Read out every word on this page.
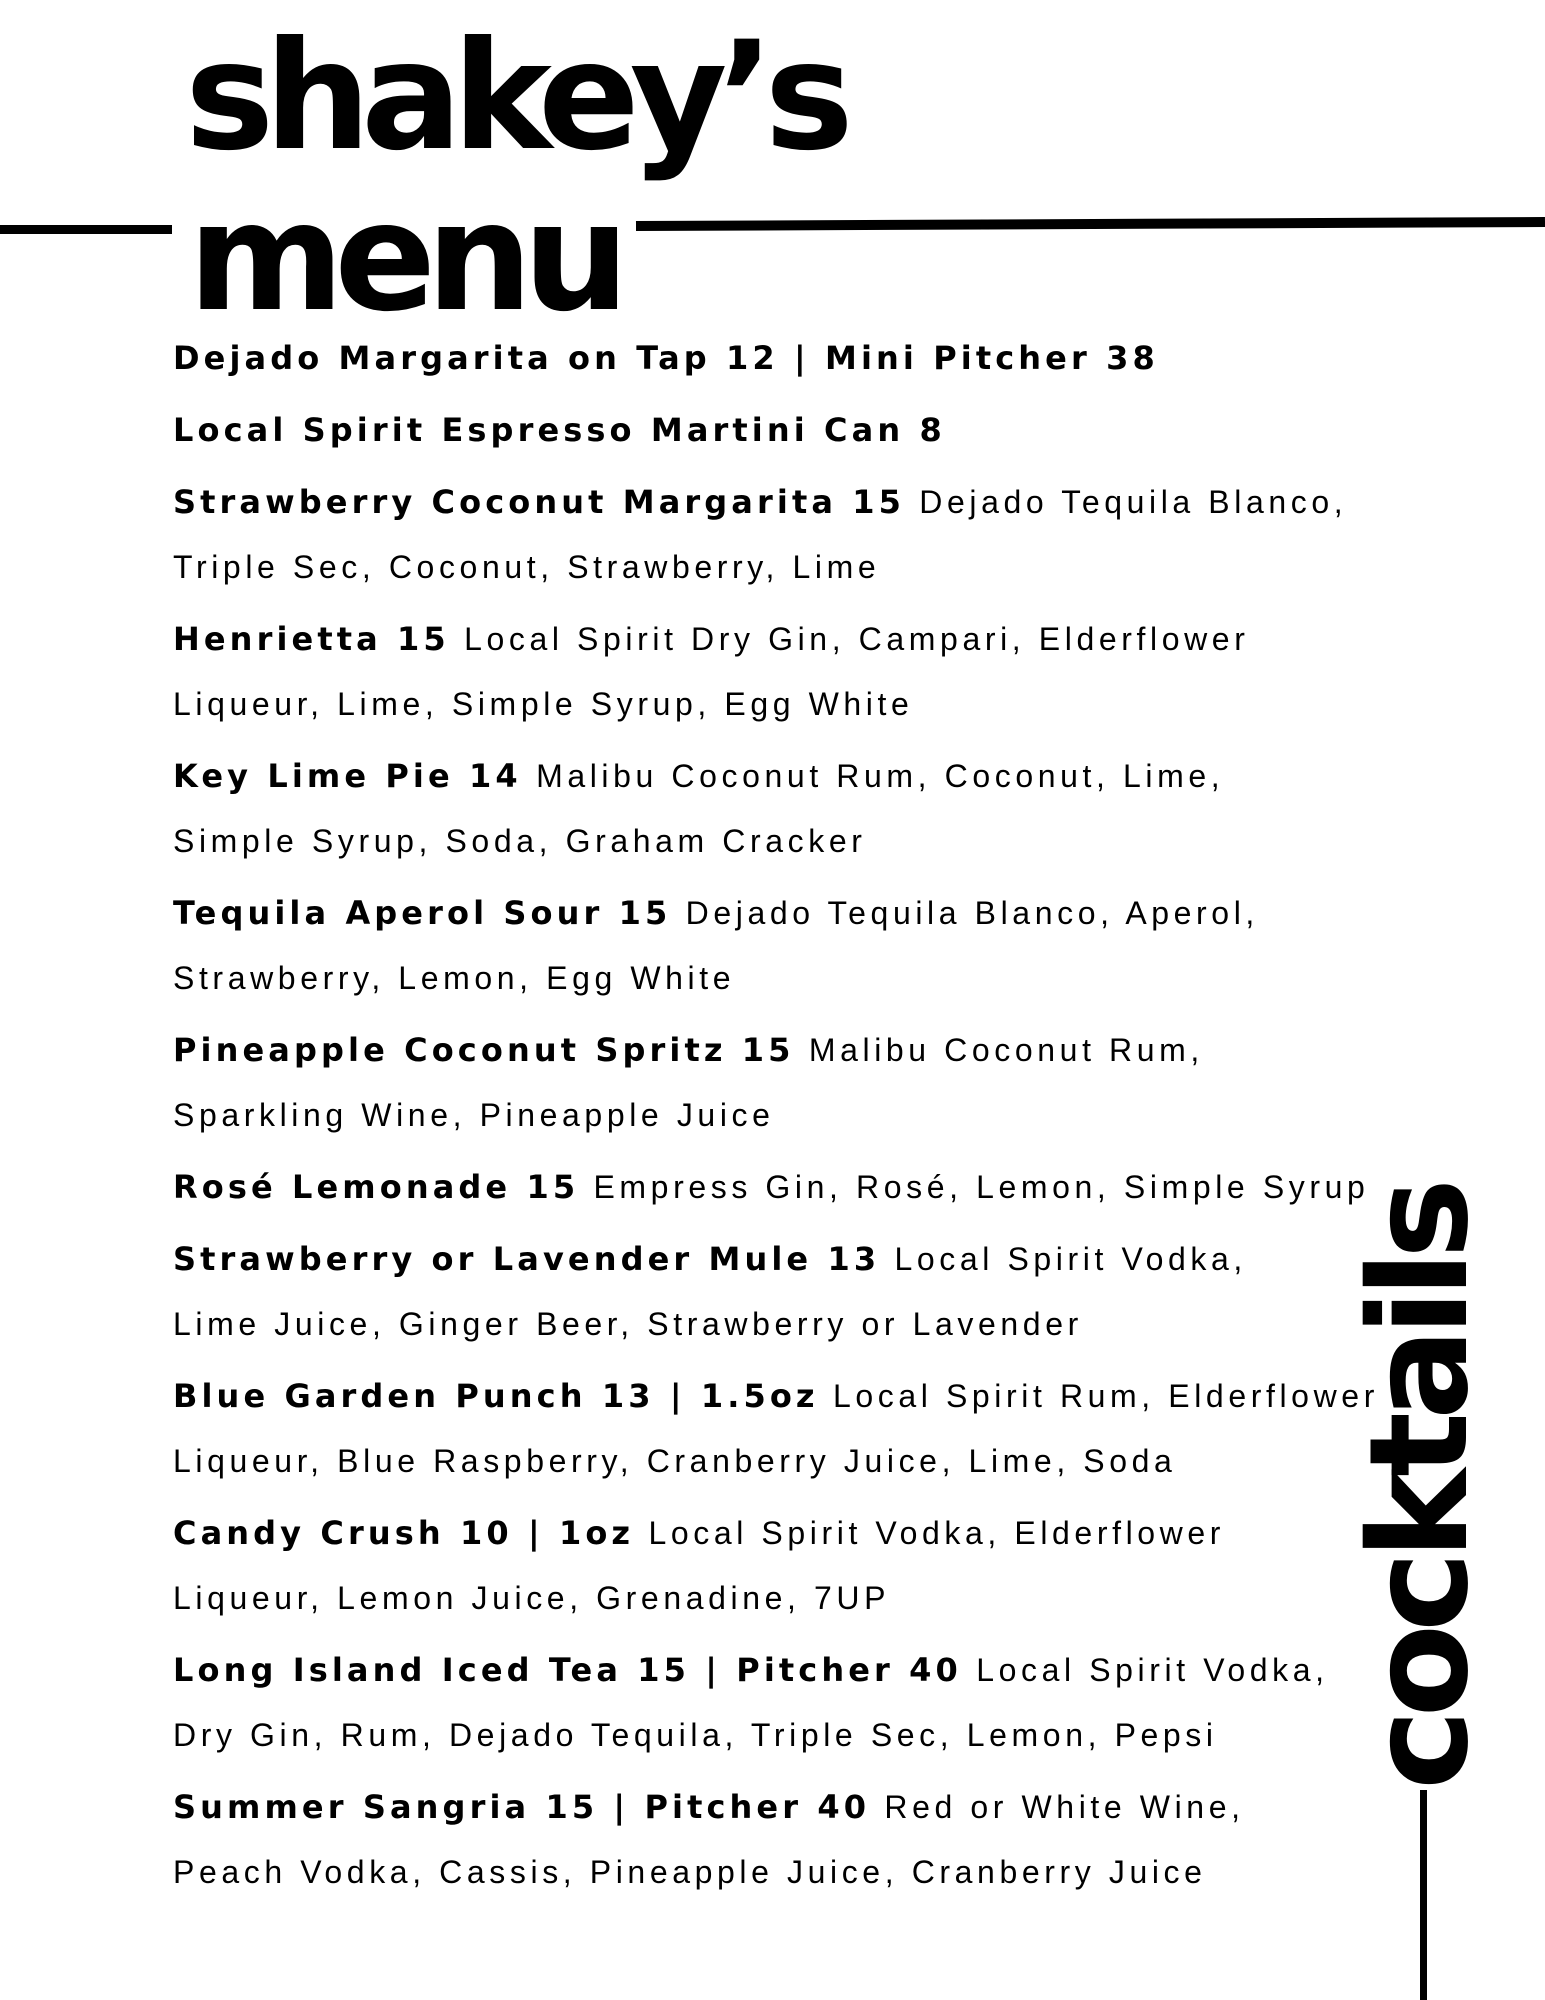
shakey’s
menu
Dejado Margarita on Tap 12 | Mini Pitcher 38
Local Spirit Espresso Martini Can 8
Strawberry Coconut Margarita 15 Dejado Tequila Blanco,
Triple Sec, Coconut, Strawberry, Lime
Henrietta 15 Local Spirit Dry Gin, Campari, Elderflower
Liqueur, Lime, Simple Syrup, Egg White
Key Lime Pie 14 Malibu Coconut Rum, Coconut, Lime,
Simple Syrup, Soda, Graham Cracker
Tequila Aperol Sour 15 Dejado Tequila Blanco, Aperol,
Strawberry, Lemon, Egg White
Pineapple Coconut Spritz 15 Malibu Coconut Rum,
Sparkling Wine, Pineapple Juice
Rosé Lemonade 15 Empress Gin, Rosé, Lemon, Simple Syrup
Strawberry or Lavender Mule 13 Local Spirit Vodka,
Lime Juice, Ginger Beer, Strawberry or Lavender
Blue Garden Punch 13 | 1.5oz Local Spirit Rum, Elderflower
Liqueur, Blue Raspberry, Cranberry Juice, Lime, Soda
Candy Crush 10 | 1oz Local Spirit Vodka, Elderflower
Liqueur, Lemon Juice, Grenadine, 7UP
Long Island Iced Tea 15 | Pitcher 40 Local Spirit Vodka,
Dry Gin, Rum, Dejado Tequila, Triple Sec, Lemon, Pepsi
Summer Sangria 15 | Pitcher 40 Red or White Wine,
Peach Vodka, Cassis, Pineapple Juice, Cranberry Juice
cocktails
